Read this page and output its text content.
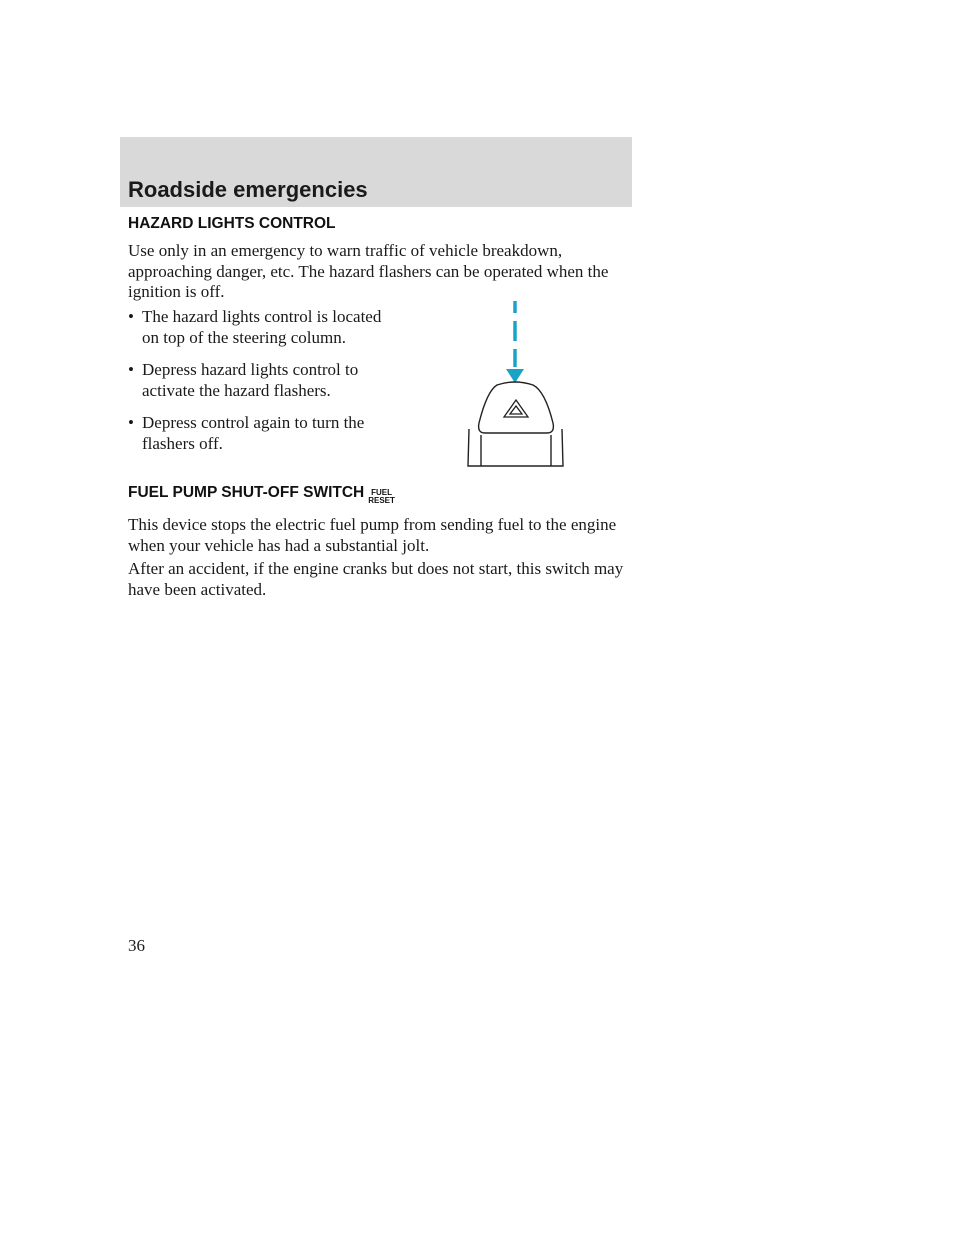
Roadside emergencies
HAZARD LIGHTS CONTROL

Use only in an emergency to warn traffic of vehicle breakdown, approaching danger, etc. The hazard flashers can be operated when the ignition is off.

• The hazard lights control is located on top of the steering column.
• Depress hazard lights control to activate the hazard flashers.
• Depress control again to turn the flashers off.
FUEL PUMP SHUT-OFF SWITCH FUEL
RESET

This device stops the electric fuel pump from sending fuel to the engine when your vehicle has had a substantial jolt.

After an accident, if the engine cranks but does not start, this switch may have been activated.

36
